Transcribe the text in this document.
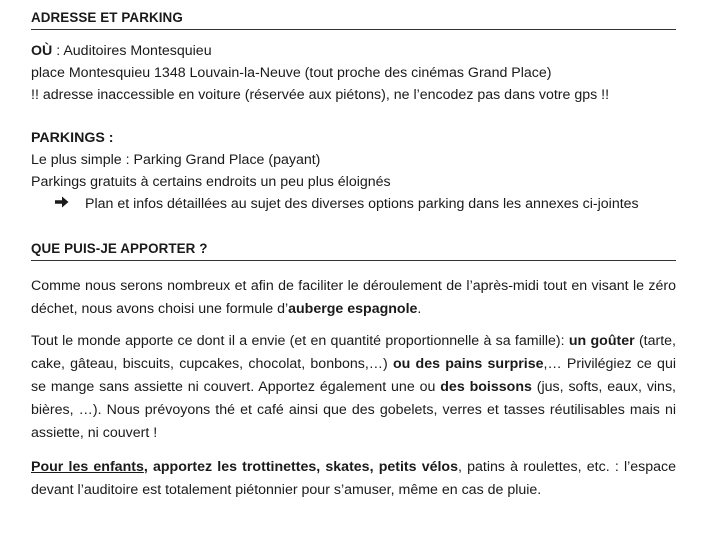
ADRESSE ET PARKING

OÙ : Auditoires Montesquieu

place Montesquieu 1348 Louvain-la-Neuve (tout proche des cinémas Grand Place)

!! adresse inaccessible en voiture (réservée aux piétons), ne l’encodez pas dans votre gps !!

PARKINGS :

Le plus simple : Parking Grand Place (payant)

Parkings gratuits à certains endroits un peu plus éloignés

Plan et infos détaillées au sujet des diverses options parking dans les annexes ci-jointes
QUE PUIS-JE APPORTER ?

Comme nous serons nombreux et afin de faciliter le déroulement de l’après-midi tout en visant le zéro déchet, nous avons choisi une formule d’auberge espagnole.

Tout le monde apporte ce dont il a envie (et en quantité proportionnelle à sa famille): un goûter (tarte, cake, gâteau, biscuits, cupcakes, chocolat, bonbons,…) ou des pains surprise,… Privilégiez ce qui se mange sans assiette ni couvert. Apportez également une ou des boissons (jus, softs, eaux, vins, bières, …). Nous prévoyons thé et café ainsi que des gobelets, verres et tasses réutilisables mais ni assiette, ni couvert !

Pour les enfants, apportez les trottinettes, skates, petits vélos, patins à roulettes, etc. : l’espace devant l’auditoire est totalement piétonnier pour s’amuser, même en cas de pluie.
